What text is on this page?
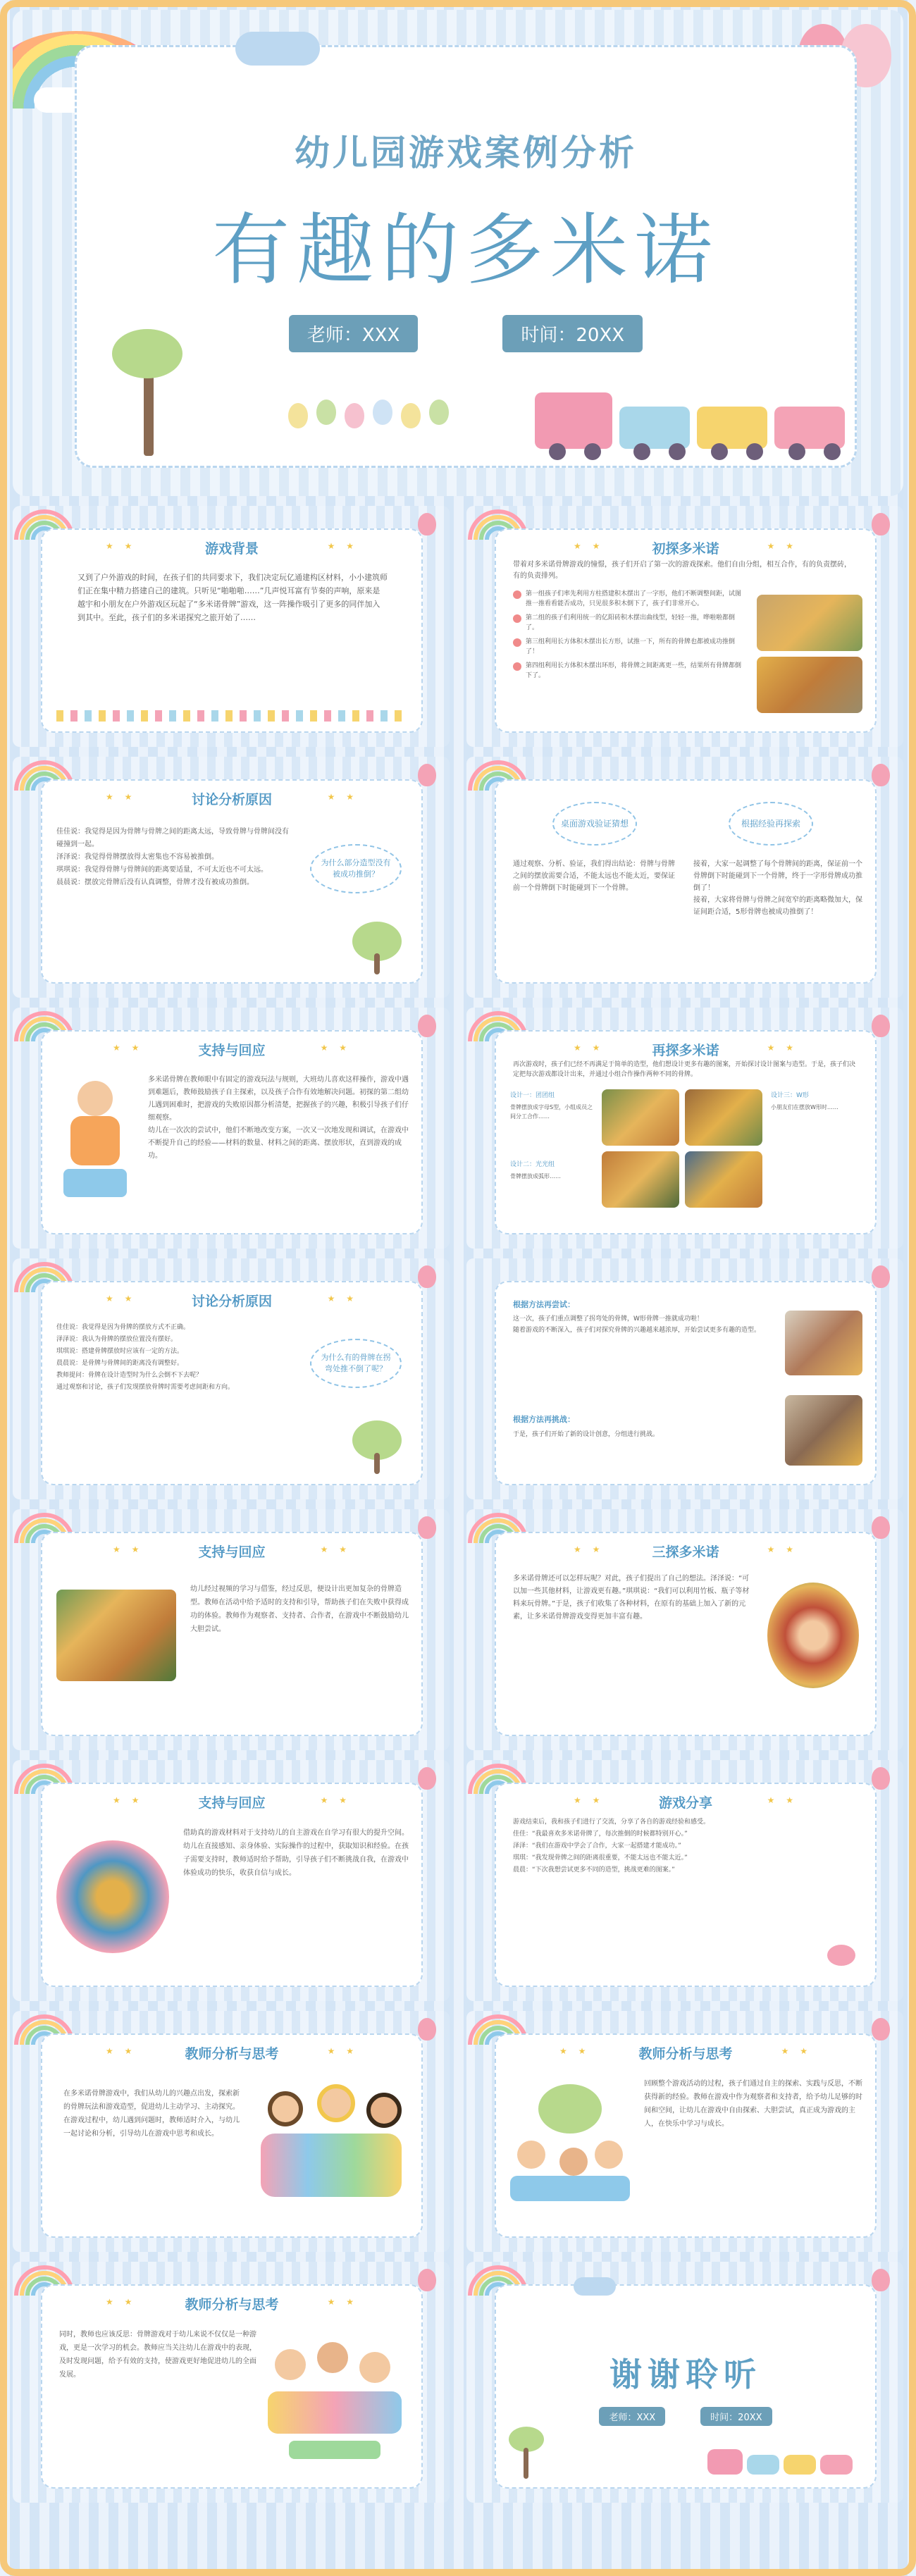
幼儿园游戏案例分析
有趣的多米诺
老师：XXX	时间：20XX
★ ★	★ ★
游戏背景
又到了户外游戏的时间，在孩子们的共同要求下，我们决定玩亿通建构区材料，小小建筑师们正在集中精力搭建自己的建筑。只听见“啪啪啪……”几声悦耳富有节奏的声响，原来是越宇和小朋友在户外游戏区玩起了“多米诺骨牌”游戏，这一阵操作吸引了更多的同伴加入到其中。至此，孩子们的多米诺探究之旅开始了……
★ ★	★ ★
初探多米诺
带着对多米诺骨牌游戏的憧憬，孩子们开启了第一次的游戏探索。他们自由分组，相互合作，有的负责摆砖，有的负责排列。
第一组孩子们率先利用方柱搭建积木摆出了一字形，他们不断调整间距，试图推一推看看能否成功，只见很多积木倒下了，孩子们非常开心。
第二组的孩子们利用统一的亿阳砖积木摆出曲线型，轻轻一推，哗啦啦都倒了。
第三组利用长方体积木摆出长方形，试推一下，所有的骨牌也都被成功推倒了！
第四组利用长方体积木摆出环形，将骨牌之间距离更一些，结果所有骨牌都倒下了。
★ ★	★ ★
讨论分析原因
佳佳说：我觉得是因为骨牌与骨牌之间的距离太远，导致骨牌与骨牌间没有碰撞到一起。
泽泽说：我觉得骨牌摆放得太密集也不容易被推倒。
琪琪说：我觉得骨牌与骨牌间的距离要适量，不可太近也不可太远。
晨晨说：摆放完骨牌后没有认真调整，骨牌才没有被成功推倒。
为什么部分造型没有被成功推倒？
桌面游戏验证猜想	根据经验再探索
通过观察、分析、验证，我们得出结论：骨牌与骨牌之间的摆放需要合适，不能太远也不能太近，要保证前一个骨牌倒下时能碰到下一个骨牌。
接着，大家一起调整了每个骨牌间的距离，保证前一个骨牌倒下时能碰到下一个骨牌，终于一字形骨牌成功推倒了！
接着，大家将骨牌与骨牌之间宽窄的距离略微加大，保证间距合适，5形骨牌也被成功推倒了！
★ ★	★ ★
支持与回应
多米诺骨牌在教师眼中有固定的游戏玩法与规则，大班幼儿喜欢这样操作，游戏中遇到难题后，教师鼓励孩子自主探索，以及孩子合作有效地解决问题。初探的第二组幼儿遇到困难时，把游戏的失败原因都分析清楚，把握孩子的兴趣，积极引导孩子们仔细观察。
幼儿在一次次的尝试中，他们不断地改变方案，一次又一次地发现和调试，在游戏中不断提升自己的经验——材料的数量、材料之间的距离、摆放形状，直到游戏的成功。
★ ★	★ ★
再探多米诺
再次游戏时，孩子们已经不再满足于简单的造型，他们想设计更多有趣的图案，开始探讨设计图案与造型。于是，孩子们决定把每次游戏都设计出来，并通过小组合作操作两种不同的骨牌。
设计一：团团组
骨牌摆放成字母S型，小组成员之间分工合作……
设计二：光光组
骨牌摆放成弧形……
设计三：W形
小朋友们在摆放W形时……
★ ★	★ ★
讨论分析原因
佳佳说：我觉得是因为骨牌的摆放方式不正确。
泽泽说：我认为骨牌的摆放位置没有摆好。
琪琪说：搭建骨牌摆放时应该有一定的方法。
晨晨说：是骨牌与骨牌间的距离没有调整好。
教师提问：骨牌在设计造型时为什么会倒不下去呢？
通过观察和讨论，孩子们发现摆放骨牌时需要考虑间距和方向。
为什么有的骨牌在拐弯处推不倒了呢？
根据方法再尝试：
这一次，孩子们重点调整了拐弯处的骨牌，W形骨牌一推就成功啦！
随着游戏的不断深入，孩子们对探究骨牌的兴趣越来越浓厚，开始尝试更多有趣的造型。
根据方法再挑战：
于是，孩子们开始了新的设计创意，分组进行挑战。
★ ★	★ ★
支持与回应
幼儿经过视频的学习与借鉴，经过反思，便设计出更加复杂的骨牌造型。教师在活动中给予适时的支持和引导，帮助孩子们在失败中获得成功的体验。教师作为观察者、支持者、合作者，在游戏中不断鼓励幼儿大胆尝试。
★ ★	★ ★
三探多米诺
多米诺骨牌还可以怎样玩呢？对此，孩子们提出了自己的想法。泽泽说：“可以加一些其他材料，让游戏更有趣。”琪琪说：“我们可以利用竹板、瓶子等材料来玩骨牌。”于是，孩子们收集了各种材料，在原有的基础上加入了新的元素，让多米诺骨牌游戏变得更加丰富有趣。
★ ★	★ ★
支持与回应
借助真的游戏材料对于支持幼儿的自主游戏在自学习有很大的提升空间。幼儿在直接感知、亲身体验、实际操作的过程中，获取知识和经验。在孩子需要支持时，教师适时给予帮助，引导孩子们不断挑战自我，在游戏中体验成功的快乐，收获自信与成长。
★ ★	★ ★
游戏分享
游戏结束后，我和孩子们进行了交流，分享了各自的游戏经验和感受。
佳佳：“我最喜欢多米诺骨牌了，每次推倒的时候都特别开心。”
泽泽：“我们在游戏中学会了合作，大家一起搭建才能成功。”
琪琪：“我发现骨牌之间的距离很重要，不能太远也不能太近。”
晨晨：“下次我想尝试更多不同的造型，挑战更难的图案。”
★ ★	★ ★
教师分析与思考
在多米诺骨牌游戏中，我们从幼儿的兴趣点出发，探索新的骨牌玩法和游戏造型，促进幼儿主动学习、主动探究。在游戏过程中，幼儿遇到问题时，教师适时介入，与幼儿一起讨论和分析，引导幼儿在游戏中思考和成长。
★ ★	★ ★
教师分析与思考
回顾整个游戏活动的过程，孩子们通过自主的探索、实践与反思，不断获得新的经验。教师在游戏中作为观察者和支持者，给予幼儿足够的时间和空间，让幼儿在游戏中自由探索、大胆尝试，真正成为游戏的主人，在快乐中学习与成长。
★ ★	★ ★
教师分析与思考
同时，教师也应该反思：骨牌游戏对于幼儿来说不仅仅是一种游戏，更是一次学习的机会。教师应当关注幼儿在游戏中的表现，及时发现问题，给予有效的支持，使游戏更好地促进幼儿的全面发展。	谢谢聆听
老师：XXX	时间：20XX
